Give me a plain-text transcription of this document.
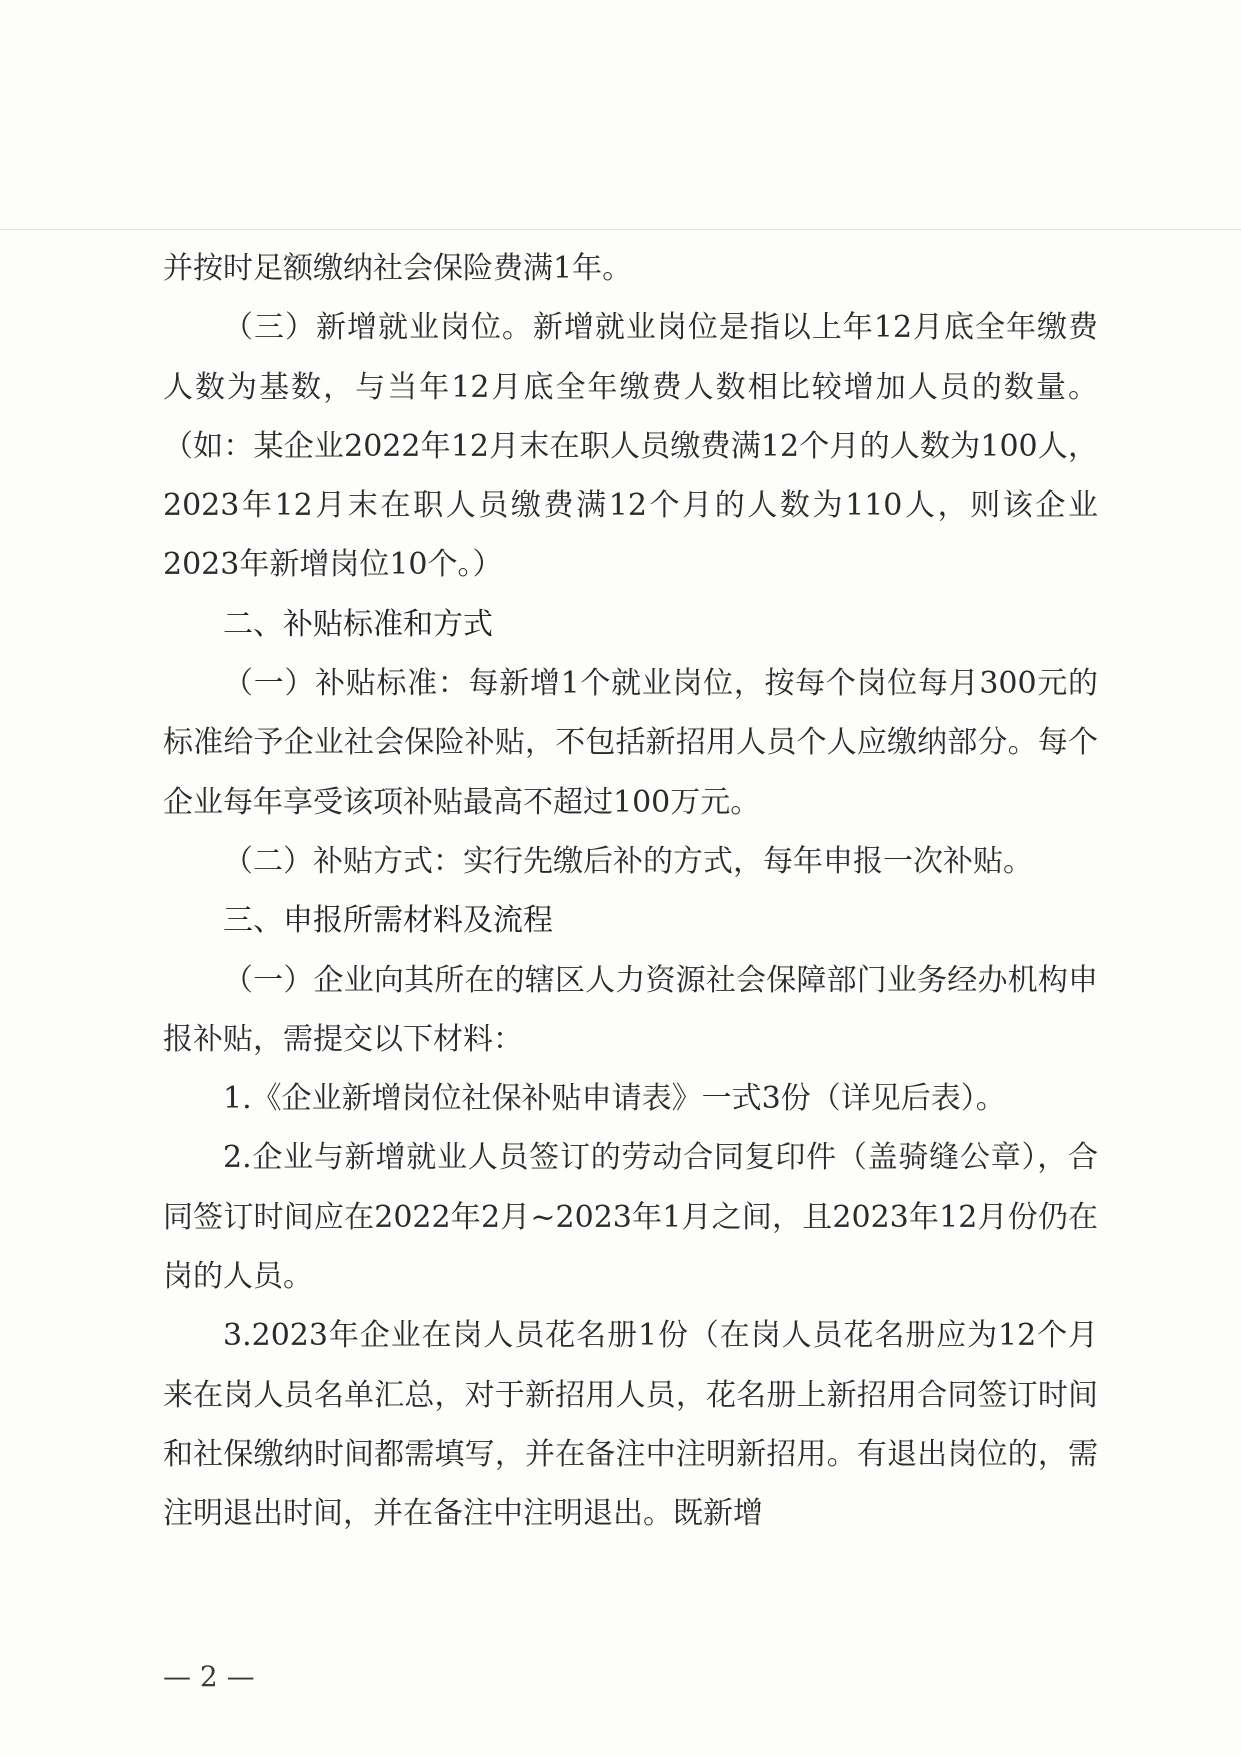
并按时足额缴纳社会保险费满1年。

（三）新增就业岗位。新增就业岗位是指以上年12月底全年缴费人数为基数，与当年12月底全年缴费人数相比较增加人员的数量。（如：某企业2022年12月末在职人员缴费满12个月的人数为100人，2023年12月末在职人员缴费满12个月的人数为110人，则该企业2023年新增岗位10个。）

二、补贴标准和方式

（一）补贴标准：每新增1个就业岗位，按每个岗位每月300元的标准给予企业社会保险补贴，不包括新招用人员个人应缴纳部分。每个企业每年享受该项补贴最高不超过100万元。

（二）补贴方式：实行先缴后补的方式，每年申报一次补贴。

三、申报所需材料及流程

（一）企业向其所在的辖区人力资源社会保障部门业务经办机构申报补贴，需提交以下材料：

1.《企业新增岗位社保补贴申请表》一式3份（详见后表）。

2.企业与新增就业人员签订的劳动合同复印件（盖骑缝公章），合同签订时间应在2022年2月~2023年1月之间，且2023年12月份仍在岗的人员。

3.2023年企业在岗人员花名册1份（在岗人员花名册应为12个月来在岗人员名单汇总，对于新招用人员，花名册上新招用合同签订时间和社保缴纳时间都需填写，并在备注中注明新招用。有退出岗位的，需注明退出时间，并在备注中注明退出。既新增

— 2 —
